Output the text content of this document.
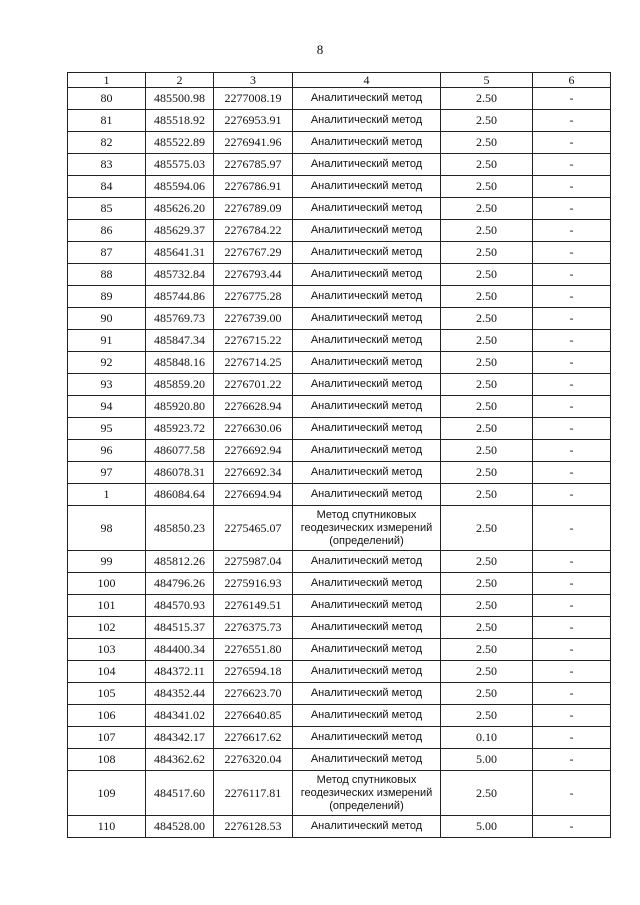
8
1	2	3	4	5	6
80	485500.98	2277008.19	Аналитический метод	2.50	-
81	485518.92	2276953.91	Аналитический метод	2.50	-
82	485522.89	2276941.96	Аналитический метод	2.50	-
83	485575.03	2276785.97	Аналитический метод	2.50	-
84	485594.06	2276786.91	Аналитический метод	2.50	-
85	485626.20	2276789.09	Аналитический метод	2.50	-
86	485629.37	2276784.22	Аналитический метод	2.50	-
87	485641.31	2276767.29	Аналитический метод	2.50	-
88	485732.84	2276793.44	Аналитический метод	2.50	-
89	485744.86	2276775.28	Аналитический метод	2.50	-
90	485769.73	2276739.00	Аналитический метод	2.50	-
91	485847.34	2276715.22	Аналитический метод	2.50	-
92	485848.16	2276714.25	Аналитический метод	2.50	-
93	485859.20	2276701.22	Аналитический метод	2.50	-
94	485920.80	2276628.94	Аналитический метод	2.50	-
95	485923.72	2276630.06	Аналитический метод	2.50	-
96	486077.58	2276692.94	Аналитический метод	2.50	-
97	486078.31	2276692.34	Аналитический метод	2.50	-
1	486084.64	2276694.94	Аналитический метод	2.50	-
98	485850.23	2275465.07	Метод спутниковых
геодезических измерений
(определений)	2.50	-
99	485812.26	2275987.04	Аналитический метод	2.50	-
100	484796.26	2275916.93	Аналитический метод	2.50	-
101	484570.93	2276149.51	Аналитический метод	2.50	-
102	484515.37	2276375.73	Аналитический метод	2.50	-
103	484400.34	2276551.80	Аналитический метод	2.50	-
104	484372.11	2276594.18	Аналитический метод	2.50	-
105	484352.44	2276623.70	Аналитический метод	2.50	-
106	484341.02	2276640.85	Аналитический метод	2.50	-
107	484342.17	2276617.62	Аналитический метод	0.10	-
108	484362.62	2276320.04	Аналитический метод	5.00	-
109	484517.60	2276117.81	Метод спутниковых
геодезических измерений
(определений)	2.50	-
110	484528.00	2276128.53	Аналитический метод	5.00	-
